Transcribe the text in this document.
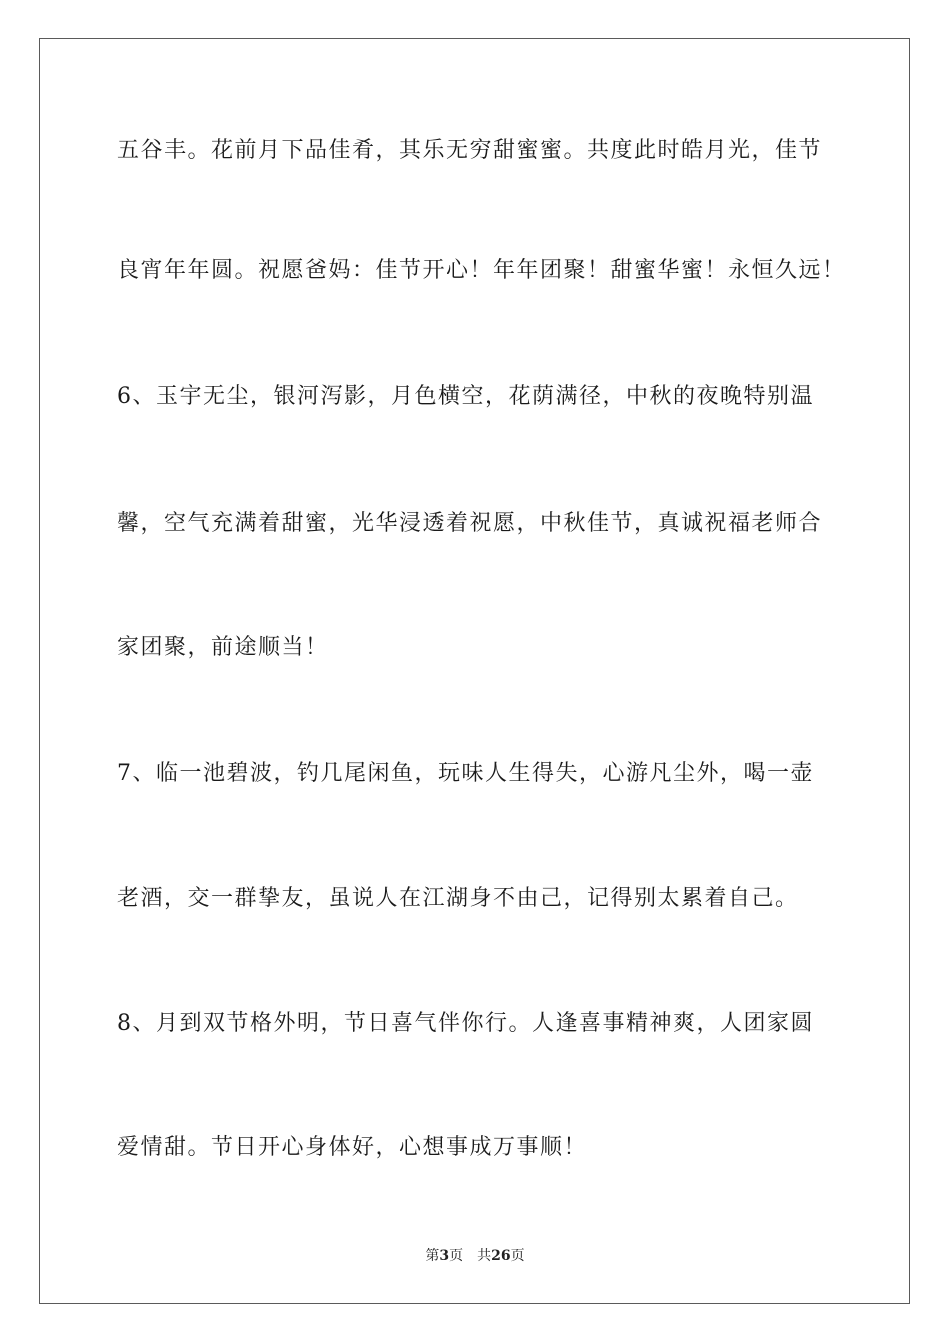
五谷丰。花前月下品佳肴，其乐无穷甜蜜蜜。共度此时皓月光，佳节
良宵年年圆。祝愿爸妈：佳节开心！年年团聚！甜蜜华蜜！永恒久远！
6、玉宇无尘，银河泻影，月色横空，花荫满径，中秋的夜晚特别温
馨，空气充满着甜蜜，光华浸透着祝愿，中秋佳节，真诚祝福老师合
家团聚，前途顺当！
7、临一池碧波，钓几尾闲鱼，玩味人生得失，心游凡尘外，喝一壶
老酒，交一群挚友，虽说人在江湖身不由己，记得别太累着自己。
8、月到双节格外明，节日喜气伴你行。人逢喜事精神爽，人团家圆
爱情甜。节日开心身体好，心想事成万事顺！
第3页 共26页
